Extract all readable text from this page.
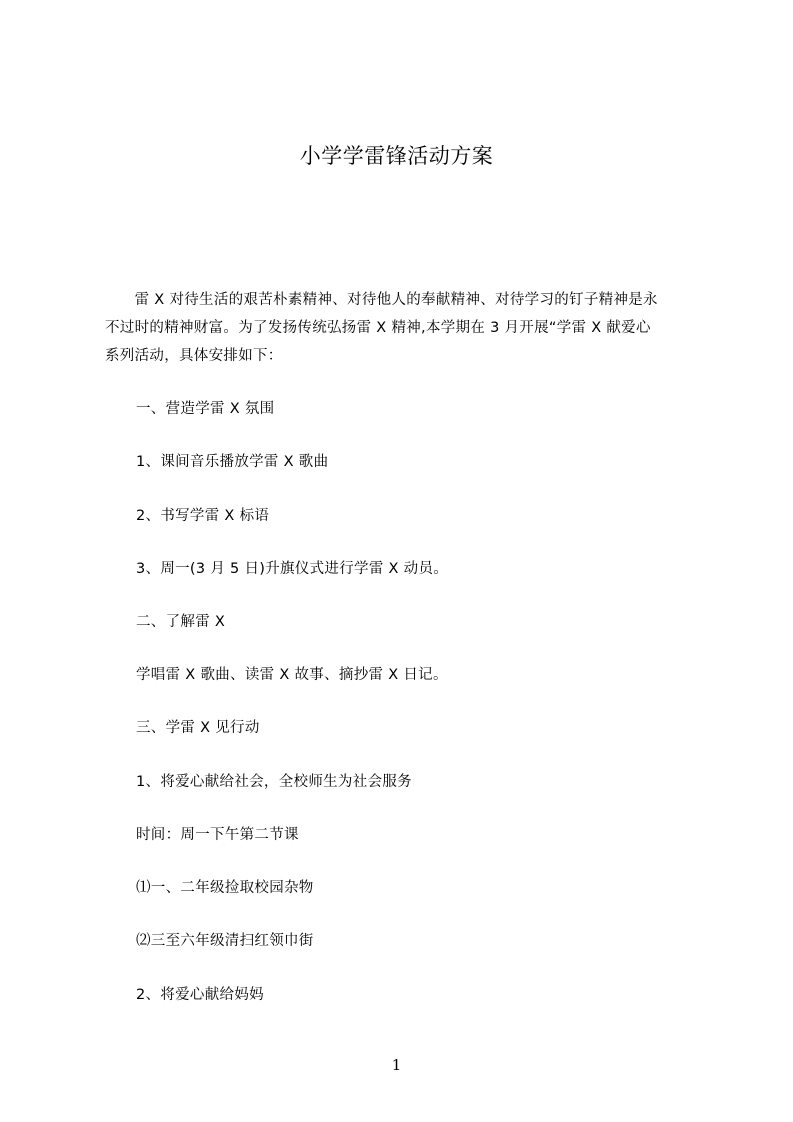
小学学雷锋活动方案
　　雷 X 对待生活的艰苦朴素精神、对待他人的奉献精神、对待学习的钉子精神是永
不过时的精神财富。为了发扬传统弘扬雷 X 精神,本学期在 3 月开展“学雷 X 献爱心
系列活动，具体安排如下：
一、营造学雷 X 氛围
1、课间音乐播放学雷 X 歌曲
2、书写学雷 X 标语
3、周一(3 月 5 日)升旗仪式进行学雷 X 动员。
二、了解雷 X
学唱雷 X 歌曲、读雷 X 故事、摘抄雷 X 日记。
三、学雷 X 见行动
1、将爱心献给社会，全校师生为社会服务
时间：周一下午第二节课
⑴一、二年级捡取校园杂物
⑵三至六年级清扫红领巾街
2、将爱心献给妈妈
1
